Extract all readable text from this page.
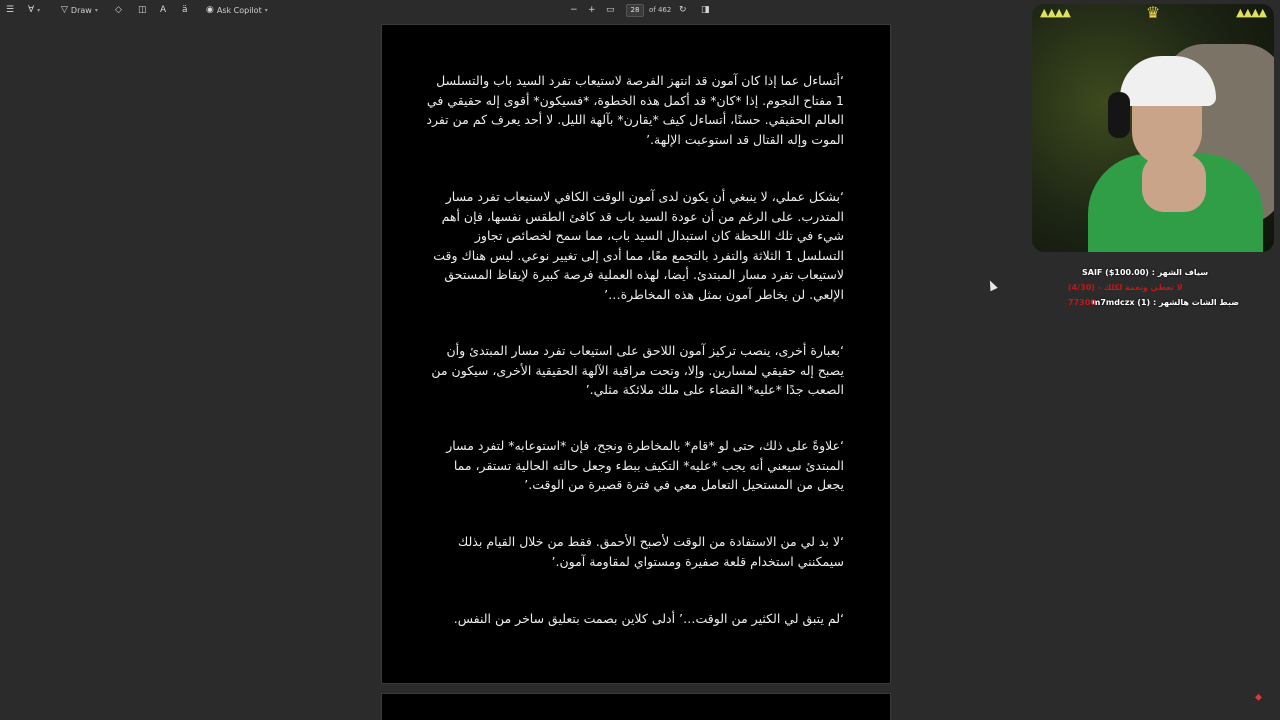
☰ ∀ ▾ ▽ Draw ▾ ◇ ◫ A ä ◉ Ask Copilot ▾	− + ▭	28	of 462 ↻ ◨
‘أتساءل عما إذا كان آمون قد انتهز الفرصة لاستيعاب تفرد السيد باب والتسلسل 1 مفتاح النجوم. إذا *كان* قد أكمل هذه الخطوة، *فسيكون* أقوى إله حقيقي في العالم الحقيقي. حسنًا، أتساءل كيف *يقارن* بآلهة الليل. لا أحد يعرف كم من تفرد الموت وإله القتال قد استوعبت الإلهة.’
‘بشكل عملي، لا ينبغي أن يكون لدى آمون الوقت الكافي لاستيعاب تفرد مسار المتدرب. على الرغم من أن عودة السيد باب قد كافئ الطقس نفسها، فإن أهم شيء في تلك اللحظة كان استبدال السيد باب، مما سمح لخصائص تجاوز التسلسل 1 الثلاثة والتفرد بالتجمع معًا، مما أدى إلى تغيير نوعي. ليس هناك وقت لاستيعاب تفرد مسار المبتدئ. أيضا، لهذه العملية فرصة كبيرة لإيقاظ المستحق الإلعي. لن يخاطر آمون بمثل هذه المخاطرة…’
‘بعبارة أخرى، ينصب تركيز آمون اللاحق على استيعاب تفرد مسار المبتدئ وأن يصبح إله حقيقي لمسارين. وإلا، وتحت مراقبة الآلهة الحقيقية الأخرى، سيكون من الصعب جدًا *عليه* القضاء على ملك ملائكة مثلي.’
‘علاوةً على ذلك، حتى لو *قام* بالمخاطرة ونجح، فإن *استوعابه* لتفرد مسار المبتدئ سيعني أنه يجب *عليه* التكيف ببطء وجعل حالته الحالية تستقر، مما يجعل من المستحيل التعامل معي في فترة قصيرة من الوقت.’
‘لا بد لي من الاستفادة من الوقت لأصبح الأحمق. فقط من خلال القيام بذلك سيمكنني استخدام قلعة صفيرة ومستواي لمقاومة آمون.’
‘لم يتبق لي الكثير من الوقت…’ أدلى كلاين بصمت بتعليق ساخر من النفس.
▲▲▲▲	♛	▲▲▲▲
SAIF ($100.00) : سياف الشهر
لا تعطي ونعمة لكلك - (4/30)
m7mdczx (1) : ضبط الشات هالشهر
77300
⬥
